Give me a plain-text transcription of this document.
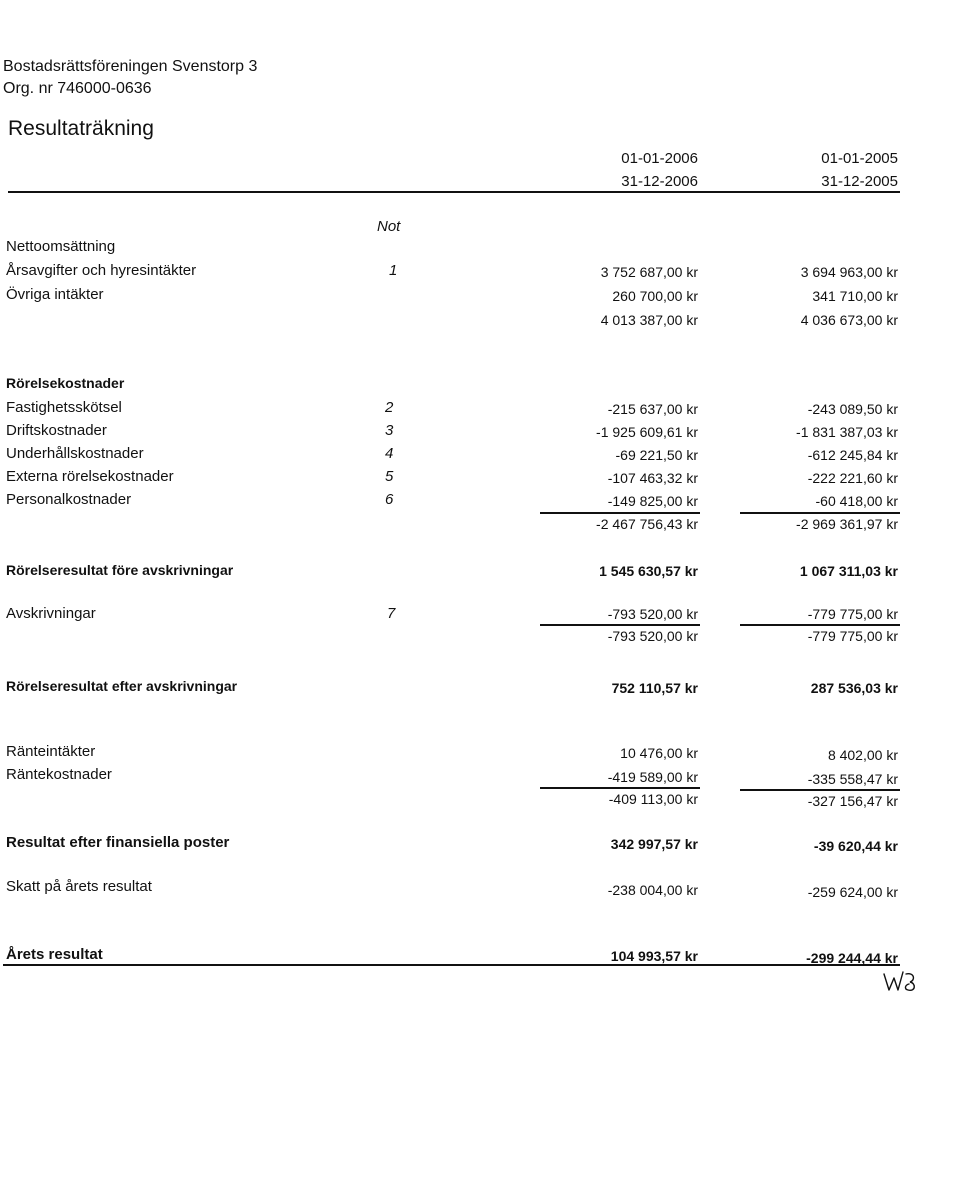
Bostadsrättsföreningen Svenstorp 3
Org. nr 746000-0636
Resultaträkning
01-01-2006
31-12-2006
01-01-2005
31-12-2005
Not
Nettoomsättning
Årsavgifter och hyresintäkter	1	3 752 687,00 kr	3 694 963,00 kr
Övriga intäkter	260 700,00 kr	341 710,00 kr
4 013 387,00 kr	4 036 673,00 kr
Rörelsekostnader
Fastighetsskötsel	2	-215 637,00 kr	-243 089,50 kr
Driftskostnader	3	-1 925 609,61 kr	-1 831 387,03 kr
Underhållskostnader	4	-69 221,50 kr	-612 245,84 kr
Externa rörelsekostnader	5	-107 463,32 kr	-222 221,60 kr
Personalkostnader	6	-149 825,00 kr	-60 418,00 kr
-2 467 756,43 kr	-2 969 361,97 kr
Rörelseresultat före avskrivningar	1 545 630,57 kr	1 067 311,03 kr
Avskrivningar	7	-793 520,00 kr	-779 775,00 kr
-793 520,00 kr	-779 775,00 kr
Rörelseresultat efter avskrivningar	752 110,57 kr	287 536,03 kr
Ränteintäkter	10 476,00 kr	8 402,00 kr
Räntekostnader	-419 589,00 kr	-335 558,47 kr
-409 113,00 kr	-327 156,47 kr
Resultat efter finansiella poster	342 997,57 kr	-39 620,44 kr
Skatt på årets resultat	-238 004,00 kr	-259 624,00 kr
Årets resultat	104 993,57 kr	-299 244,44 kr
